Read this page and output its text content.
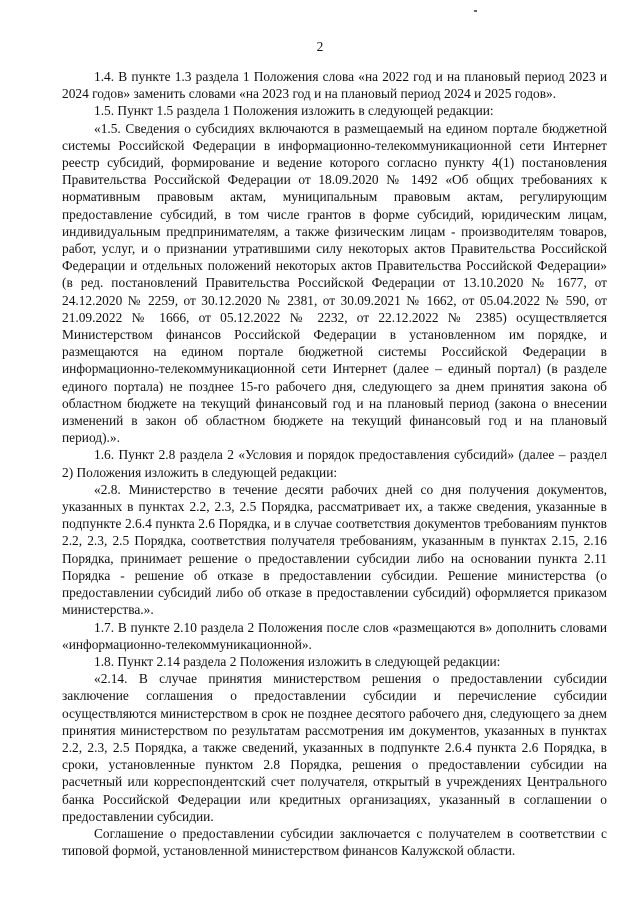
2

1.4. В пункте 1.3 раздела 1 Положения слова «на 2022 год и на плановый период 2023 и 2024 годов» заменить словами «на 2023 год и на плановый период 2024 и 2025 годов».

1.5. Пункт 1.5 раздела 1 Положения изложить в следующей редакции:

«1.5. Сведения о субсидиях включаются в размещаемый на едином портале бюджетной системы Российской Федерации в информационно-телекоммуникационной сети Интернет реестр субсидий, формирование и ведение которого согласно пункту 4(1) постановления Правительства Российской Федерации от 18.09.2020 № 1492 «Об общих требованиях к нормативным правовым актам, муниципальным правовым актам, регулирующим предоставление субсидий, в том числе грантов в форме субсидий, юридическим лицам, индивидуальным предпринимателям, а также физическим лицам - производителям товаров, работ, услуг, и о признании утратившими силу некоторых актов Правительства Российской Федерации и отдельных положений некоторых актов Правительства Российской Федерации» (в ред. постановлений Правительства Российской Федерации от 13.10.2020 № 1677, от 24.12.2020 № 2259, от 30.12.2020 № 2381, от 30.09.2021 № 1662, от 05.04.2022 № 590, от 21.09.2022 № 1666, от 05.12.2022 № 2232, от 22.12.2022 № 2385) осуществляется Министерством финансов Российской Федерации в установленном им порядке, и размещаются на едином портале бюджетной системы Российской Федерации в информационно-телекоммуникационной сети Интернет (далее – единый портал) (в разделе единого портала) не позднее 15-го рабочего дня, следующего за днем принятия закона об областном бюджете на текущий финансовый год и на плановый период (закона о внесении изменений в закон об областном бюджете на текущий финансовый год и на плановый период).».

1.6. Пункт 2.8 раздела 2 «Условия и порядок предоставления субсидий» (далее – раздел 2) Положения изложить в следующей редакции:

«2.8. Министерство в течение десяти рабочих дней со дня получения документов, указанных в пунктах 2.2, 2.3, 2.5 Порядка, рассматривает их, а также сведения, указанные в подпункте 2.6.4 пункта 2.6 Порядка, и в случае соответствия документов требованиям пунктов 2.2, 2.3, 2.5 Порядка, соответствия получателя требованиям, указанным в пунктах 2.15, 2.16 Порядка, принимает решение о предоставлении субсидии либо на основании пункта 2.11 Порядка - решение об отказе в предоставлении субсидии. Решение министерства (о предоставлении субсидий либо об отказе в предоставлении субсидий) оформляется приказом министерства.».

1.7. В пункте 2.10 раздела 2 Положения после слов «размещаются в» дополнить словами «информационно-телекоммуникационной».

1.8. Пункт 2.14 раздела 2 Положения изложить в следующей редакции:

«2.14. В случае принятия министерством решения о предоставлении субсидии заключение соглашения о предоставлении субсидии и перечисление субсидии осуществляются министерством в срок не позднее десятого рабочего дня, следующего за днем принятия министерством по результатам рассмотрения им документов, указанных в пунктах 2.2, 2.3, 2.5 Порядка, а также сведений, указанных в подпункте 2.6.4 пункта 2.6 Порядка, в сроки, установленные пунктом 2.8 Порядка, решения о предоставлении субсидии на расчетный или корреспондентский счет получателя, открытый в учреждениях Центрального банка Российской Федерации или кредитных организациях, указанный в соглашении о предоставлении субсидии.

Соглашение о предоставлении субсидии заключается с получателем в соответствии с типовой формой, установленной министерством финансов Калужской области.
